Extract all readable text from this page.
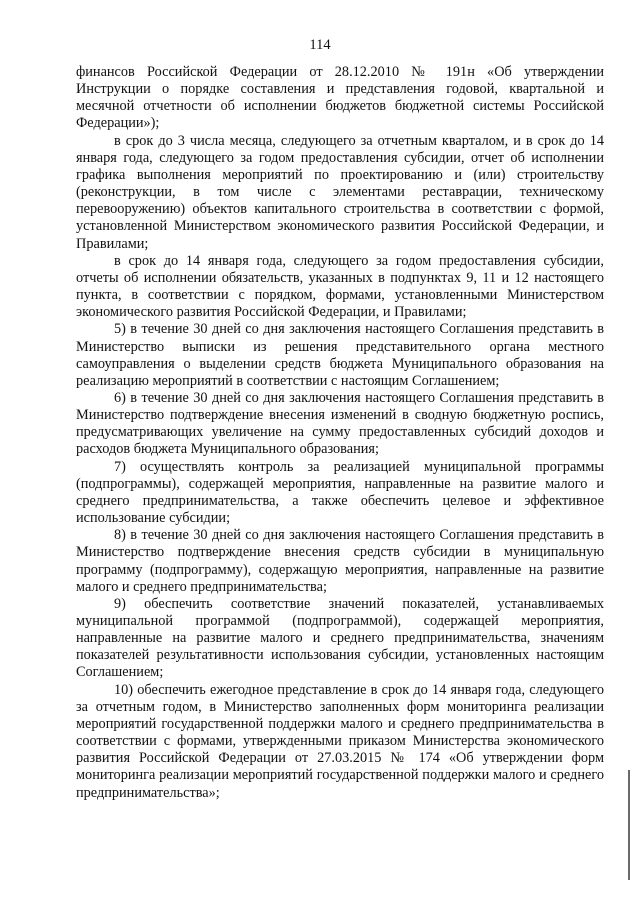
114

финансов Российской Федерации от 28.12.2010 № 191н «Об утверждении Инструкции о порядке составления и представления годовой, квартальной и месячной отчетности об исполнении бюджетов бюджетной системы Российской Федерации»);

в срок до 3 числа месяца, следующего за отчетным кварталом, и в срок до 14 января года, следующего за годом предоставления субсидии, отчет об исполнении графика выполнения мероприятий по проектированию и (или) строительству (реконструкции, в том числе с элементами реставрации, техническому перевооружению) объектов капитального строительства в соответствии с формой, установленной Министерством экономического развития Российской Федерации, и Правилами;

в срок до 14 января года, следующего за годом предоставления субсидии, отчеты об исполнении обязательств, указанных в подпунктах 9, 11 и 12 настоящего пункта, в соответствии с порядком, формами, установленными Министерством экономического развития Российской Федерации, и Правилами;

5) в течение 30 дней со дня заключения настоящего Соглашения представить в Министерство выписки из решения представительного органа местного самоуправления о выделении средств бюджета Муниципального образования на реализацию мероприятий в соответствии с настоящим Соглашением;

6) в течение 30 дней со дня заключения настоящего Соглашения представить в Министерство подтверждение внесения изменений в сводную бюджетную роспись, предусматривающих увеличение на сумму предоставленных субсидий доходов и расходов бюджета Муниципального образования;

7) осуществлять контроль за реализацией муниципальной программы (подпрограммы), содержащей мероприятия, направленные на развитие малого и среднего предпринимательства, а также обеспечить целевое и эффективное использование субсидии;

8) в течение 30 дней со дня заключения настоящего Соглашения представить в Министерство подтверждение внесения средств субсидии в муниципальную программу (подпрограмму), содержащую мероприятия, направленные на развитие малого и среднего предпринимательства;

9) обеспечить соответствие значений показателей, устанавливаемых муниципальной программой (подпрограммой), содержащей мероприятия, направленные на развитие малого и среднего предпринимательства, значениям показателей результативности использования субсидии, установленных настоящим Соглашением;

10) обеспечить ежегодное представление в срок до 14 января года, следующего за отчетным годом, в Министерство заполненных форм мониторинга реализации мероприятий государственной поддержки малого и среднего предпринимательства в соответствии с формами, утвержденными приказом Министерства экономического развития Российской Федерации от 27.03.2015 № 174 «Об утверждении форм мониторинга реализации мероприятий государственной поддержки малого и среднего предпринимательства»;
